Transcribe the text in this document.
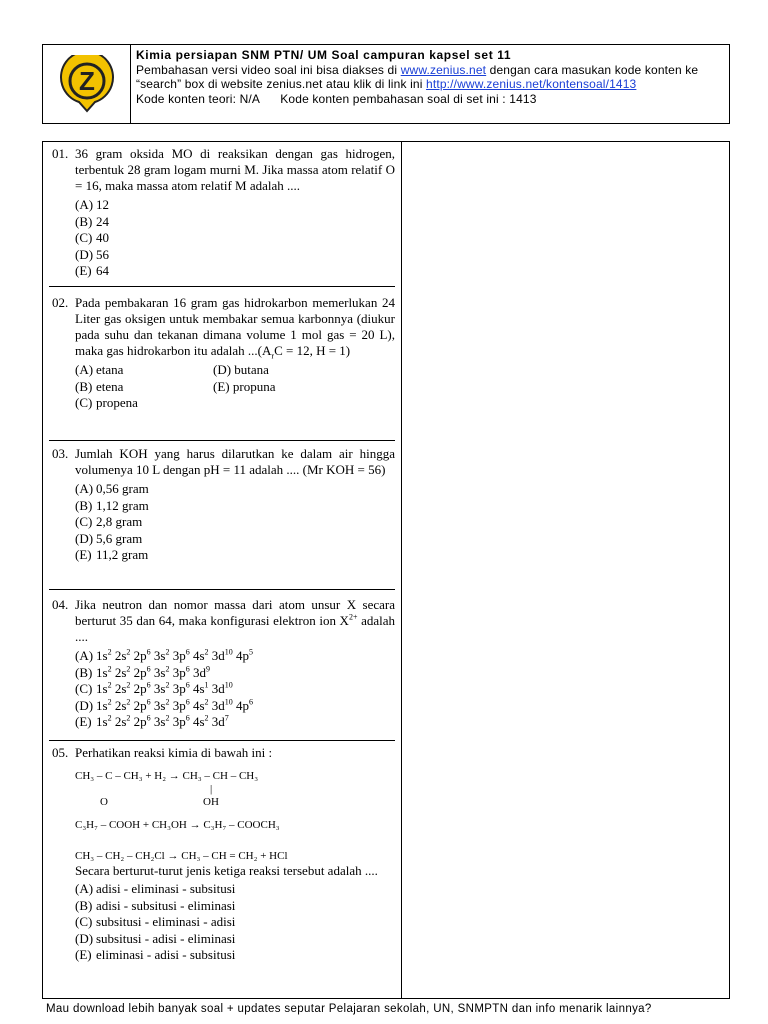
Z
Kimia persiapan SNM PTN/ UM Soal campuran kapsel set 11
Pembahasan versi video soal ini bisa diakses di www.zenius.net dengan cara masukan kode konten ke
“search” box di website zenius.net atau klik di link ini http://www.zenius.net/kontensoal/1413
Kode konten teori: N/A      Kode konten pembahasan soal di set ini : 1413
01. 36 gram oksida MO di reaksikan dengan gas hidrogen, terbentuk 28 gram logam murni M. Jika massa atom relatif O = 16, maka massa atom relatif M adalah ....
(A) 12
(B) 24
(C) 40
(D) 56
(E) 64
02. Pada pembakaran 16 gram gas hidrokarbon memerlukan 24 Liter gas oksigen untuk membakar semua karbonnya (diukur pada suhu dan tekanan dimana volume 1 mol gas = 20 L), maka gas hidrokarbon itu adalah $...(A_rC = 12$, H = 1)
(A) etana	(D) butana
(B) etena	(E) propuna
(C) propena
03. Jumlah KOH yang harus dilarutkan ke dalam air hingga volumenya 10 L dengan pH = 11 adalah .... (Mr KOH = 56)
(A) 0,56 gram
(B) 1,12 gram
(C) 2,8 gram
(D) 5,6 gram
(E) 11,2 gram
04. Jika neutron dan nomor massa dari atom unsur X secara berturut 35 dan 64, maka konfigurasi elektron ion $X^{2+}$ adalah ....
(A) $1s^2$ $2s^2$ $2p^6$ $3s^2$ $3p^6$ $4s^2$ $3d^{10}$ $4p^5$
(B) $1s^2$ $2s^2$ $2p^6$ $3s^2$ $3p^6$ $3d^9$
(C) $1s^2$ $2s^2$ $2p^6$ $3s^2$ $3p^6$ $4s^1$ $3d^{10}$
(D) $1s^2$ $2s^2$ $2p^6$ $3s^2$ $3p^6$ $4s^2$ $3d^{10}$ $4p^6$
(E) $1s^2$ $2s^2$ $2p^6$ $3s^2$ $3p^6$ $4s^2$ $3d^7$
05. Perhatikan reaksi kimia di bawah ini :
CH₃ – C – CH₃ + H₂ → CH₃ – CH – CH₃
|
O	OH
C₃H₇ – COOH + CH₃OH → C₃H₇ – COOCH₃
CH₃ – CH₂ – CH₂Cl → CH₃ – CH = CH₂ + HCl
Secara berturut-turut jenis ketiga reaksi tersebut adalah ....
(A) adisi - eliminasi - subsitusi
(B) adisi - subsitusi - eliminasi
(C) subsitusi - eliminasi - adisi
(D) subsitusi - adisi - eliminasi
(E) eliminasi - adisi - subsitusi
Mau download lebih banyak soal + updates seputar Pelajaran sekolah, UN, SNMPTN dan info menarik lainnya?
